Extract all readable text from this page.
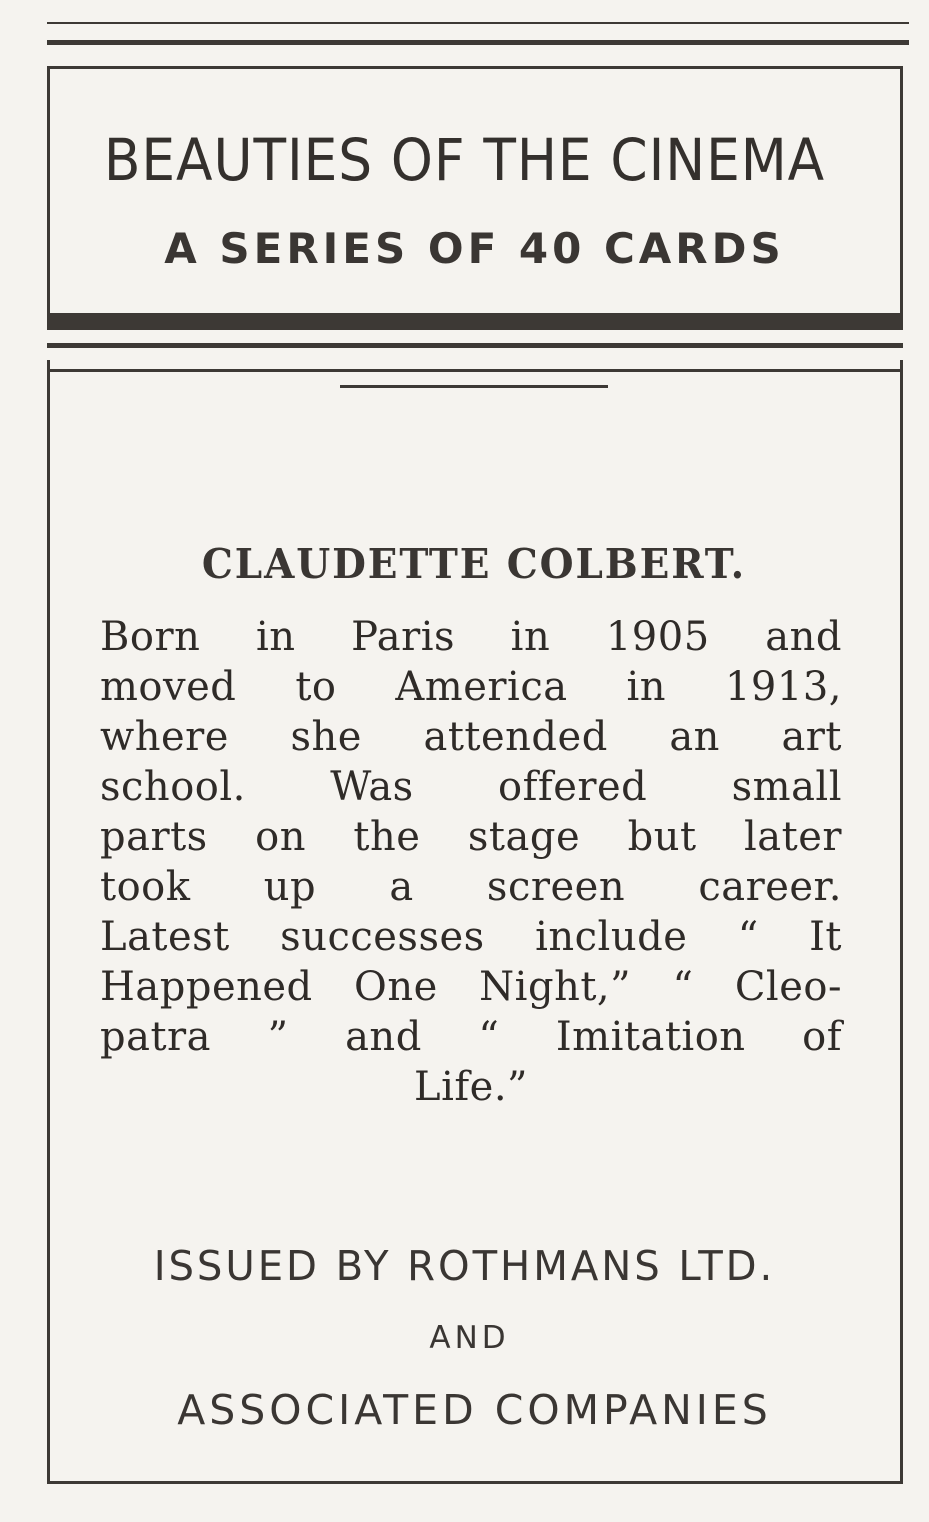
BEAUTIES OF THE CINEMA
A SERIES OF 40 CARDS
CLAUDETTE COLBERT.
Born in Paris in 1905 and
moved to America in 1913,
where she attended an art
school. Was offered small
parts on the stage but later
took up a screen career.
Latest successes include “ It
Happened One Night,” “ Cleo-
patra ” and “ Imitation of
Life.”

ISSUED BY ROTHMANS LTD.

AND

ASSOCIATED COMPANIES
